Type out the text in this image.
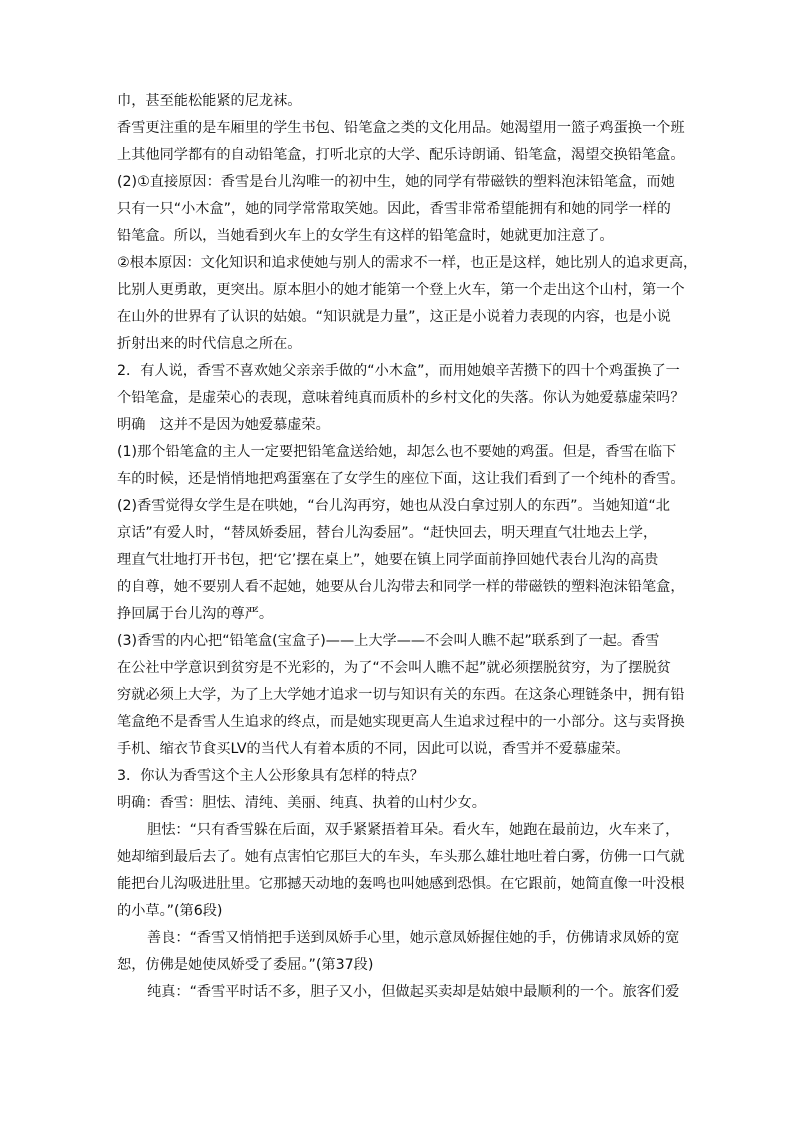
巾，甚至能松能紧的尼龙袜。
香雪更注重的是车厢里的学生书包、铅笔盒之类的文化用品。她渴望用一篮子鸡蛋换一个班
上其他同学都有的自动铅笔盒，打听北京的大学、配乐诗朗诵、铅笔盒，渴望交换铅笔盒。
(2)①直接原因：香雪是台儿沟唯一的初中生，她的同学有带磁铁的塑料泡沫铅笔盒，而她
只有一只“小木盒”，她的同学常常取笑她。因此，香雪非常希望能拥有和她的同学一样的
铅笔盒。所以，当她看到火车上的女学生有这样的铅笔盒时，她就更加注意了。
②根本原因：文化知识和追求使她与别人的需求不一样，也正是这样，她比别人的追求更高，
比别人更勇敢，更突出。原本胆小的她才能第一个登上火车，第一个走出这个山村，第一个
在山外的世界有了认识的姑娘。“知识就是力量”，这正是小说着力表现的内容，也是小说
折射出来的时代信息之所在。
2．有人说，香雪不喜欢她父亲亲手做的“小木盒”，而用她娘辛苦攒下的四十个鸡蛋换了一
个铅笔盒，是虚荣心的表现，意味着纯真而质朴的乡村文化的失落。你认为她爱慕虚荣吗？
明确　这并不是因为她爱慕虚荣。
(1)那个铅笔盒的主人一定要把铅笔盒送给她，却怎么也不要她的鸡蛋。但是，香雪在临下
车的时候，还是悄悄地把鸡蛋塞在了女学生的座位下面，这让我们看到了一个纯朴的香雪。
(2)香雪觉得女学生是在哄她，“台儿沟再穷，她也从没白拿过别人的东西”。当她知道“北
京话”有爱人时，“替凤娇委屈，替台儿沟委屈”。“赶快回去，明天理直气壮地去上学，
理直气壮地打开书包，把‘它’摆在桌上”，她要在镇上同学面前挣回她代表台儿沟的高贵
的自尊，她不要别人看不起她，她要从台儿沟带去和同学一样的带磁铁的塑料泡沫铅笔盒，
挣回属于台儿沟的尊严。
(3)香雪的内心把“铅笔盒(宝盒子)——上大学——不会叫人瞧不起”联系到了一起。香雪
在公社中学意识到贫穷是不光彩的，为了“不会叫人瞧不起”就必须摆脱贫穷，为了摆脱贫
穷就必须上大学，为了上大学她才追求一切与知识有关的东西。在这条心理链条中，拥有铅
笔盒绝不是香雪人生追求的终点，而是她实现更高人生追求过程中的一小部分。这与卖肾换
手机、缩衣节食买LV的当代人有着本质的不同，因此可以说，香雪并不爱慕虚荣。
3．你认为香雪这个主人公形象具有怎样的特点？
明确：香雪：胆怯、清纯、美丽、纯真、执着的山村少女。
胆怯：“只有香雪躲在后面，双手紧紧捂着耳朵。看火车，她跑在最前边，火车来了，
她却缩到最后去了。她有点害怕它那巨大的车头，车头那么雄壮地吐着白雾，仿佛一口气就
能把台儿沟吸进肚里。它那撼天动地的轰鸣也叫她感到恐惧。在它跟前，她简直像一叶没根
的小草。”(第6段)
善良：“香雪又悄悄把手送到凤娇手心里，她示意凤娇握住她的手，仿佛请求凤娇的宽
恕，仿佛是她使凤娇受了委屈。”(第37段)
纯真：“香雪平时话不多，胆子又小，但做起买卖却是姑娘中最顺利的一个。旅客们爱
